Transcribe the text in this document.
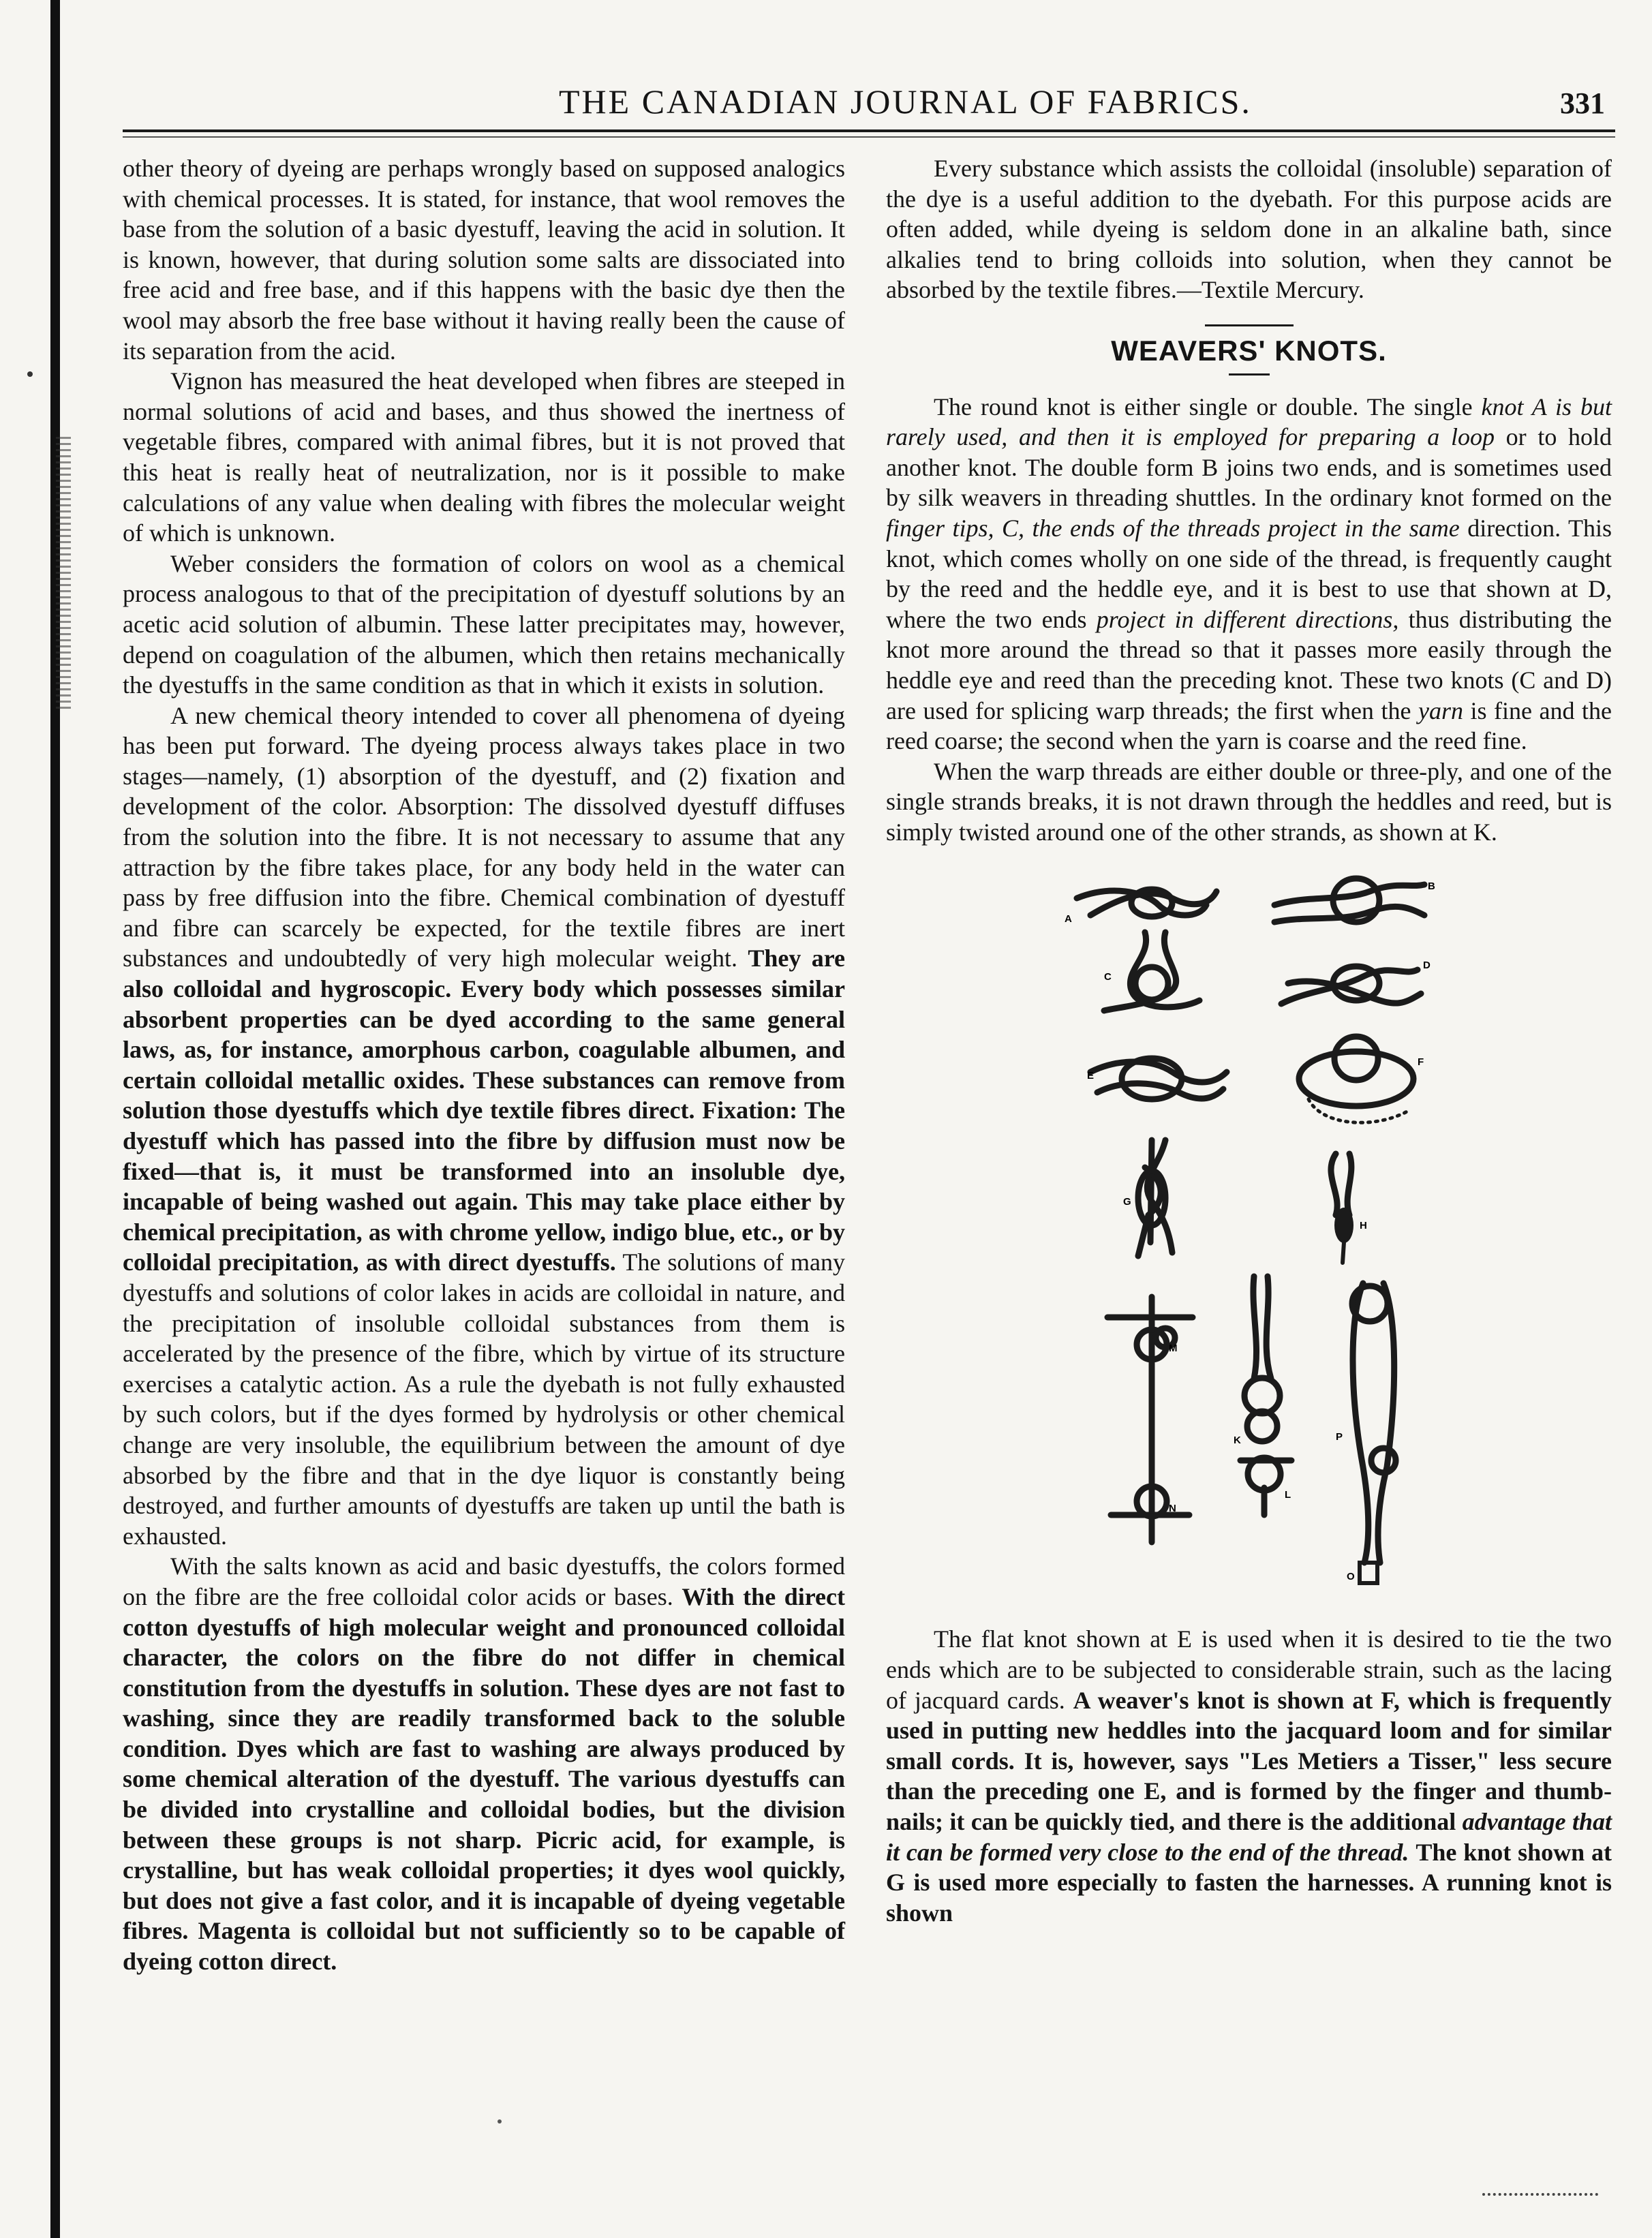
THE CANADIAN JOURNAL OF FABRICS.	331

other theory of dyeing are perhaps wrongly based on supposed analogics with chemical processes. It is stated, for instance, that wool removes the base from the solution of a basic dyestuff, leaving the acid in solution. It is known, however, that during solution some salts are dissociated into free acid and free base, and if this happens with the basic dye then the wool may absorb the free base without it having really been the cause of its separation from the acid.

Vignon has measured the heat developed when fibres are steeped in normal solutions of acid and bases, and thus showed the inertness of vegetable fibres, compared with animal fibres, but it is not proved that this heat is really heat of neutralization, nor is it possible to make calculations of any value when dealing with fibres the molecular weight of which is unknown.

Weber considers the formation of colors on wool as a chemical process analogous to that of the precipitation of dyestuff solutions by an acetic acid solution of albumin. These latter precipitates may, however, depend on coagulation of the albumen, which then retains mechanically the dyestuffs in the same condition as that in which it exists in solution.

A new chemical theory intended to cover all phenomena of dyeing has been put forward. The dyeing process always takes place in two stages—namely, (1) absorption of the dyestuff, and (2) fixation and development of the color. Absorption: The dissolved dyestuff diffuses from the solution into the fibre. It is not necessary to assume that any attraction by the fibre takes place, for any body held in the water can pass by free diffusion into the fibre. Chemical combination of dyestuff and fibre can scarcely be expected, for the textile fibres are inert substances and undoubtedly of very high molecular weight. They are also colloidal and hygroscopic. Every body which possesses similar absorbent properties can be dyed according to the same general laws, as, for instance, amorphous carbon, coagulable albumen, and certain colloidal metallic oxides. These substances can remove from solution those dyestuffs which dye textile fibres direct. Fixation: The dyestuff which has passed into the fibre by diffusion must now be fixed—that is, it must be transformed into an insoluble dye, incapable of being washed out again. This may take place either by chemical precipitation, as with chrome yellow, indigo blue, etc., or by colloidal precipitation, as with direct dyestuffs. The solutions of many dyestuffs and solutions of color lakes in acids are colloidal in nature, and the precipitation of insoluble colloidal substances from them is accelerated by the presence of the fibre, which by virtue of its structure exercises a catalytic action. As a rule the dyebath is not fully exhausted by such colors, but if the dyes formed by hydrolysis or other chemical change are very insoluble, the equilibrium between the amount of dye absorbed by the fibre and that in the dye liquor is constantly being destroyed, and further amounts of dyestuffs are taken up until the bath is exhausted.

With the salts known as acid and basic dyestuffs, the colors formed on the fibre are the free colloidal color acids or bases. With the direct cotton dyestuffs of high molecular weight and pronounced colloidal character, the colors on the fibre do not differ in chemical constitution from the dyestuffs in solution. These dyes are not fast to washing, since they are readily transformed back to the soluble condition. Dyes which are fast to washing are always produced by some chemical alteration of the dyestuff. The various dyestuffs can be divided into crystalline and colloidal bodies, but the division between these groups is not sharp. Picric acid, for example, is crystalline, but has weak colloidal properties; it dyes wool quickly, but does not give a fast color, and it is incapable of dyeing vegetable fibres. Magenta is colloidal but not sufficiently so to be capable of dyeing cotton direct.

Every substance which assists the colloidal (insoluble) separation of the dye is a useful addition to the dyebath. For this purpose acids are often added, while dyeing is seldom done in an alkaline bath, since alkalies tend to bring colloids into solution, when they cannot be absorbed by the textile fibres.—Textile Mercury.

WEAVERS' KNOTS.

The round knot is either single or double. The single knot A is but rarely used, and then it is employed for preparing a loop or to hold another knot. The double form B joins two ends, and is sometimes used by silk weavers in threading shuttles. In the ordinary knot formed on the finger tips, C, the ends of the threads project in the same direction. This knot, which comes wholly on one side of the thread, is frequently caught by the reed and the heddle eye, and it is best to use that shown at D, where the two ends project in different directions, thus distributing the knot more around the thread so that it passes more easily through the heddle eye and reed than the preceding knot. These two knots (C and D) are used for splicing warp threads; the first when the yarn is fine and the reed coarse; the second when the yarn is coarse and the reed fine.

When the warp threads are either double or three-ply, and one of the single strands breaks, it is not drawn through the heddles and reed, but is simply twisted around one of the other strands, as shown at K.

A
B
C
D
E
F
G
H
M
K	P
L
N
O

The flat knot shown at E is used when it is desired to tie the two ends which are to be subjected to considerable strain, such as the lacing of jacquard cards. A weaver's knot is shown at F, which is frequently used in putting new heddles into the jacquard loom and for similar small cords. It is, however, says "Les Metiers a Tisser," less secure than the preceding one E, and is formed by the finger and thumb-nails; it can be quickly tied, and there is the additional advantage that it can be formed very close to the end of the thread. The knot shown at G is used more especially to fasten the harnesses. A running knot is shown
